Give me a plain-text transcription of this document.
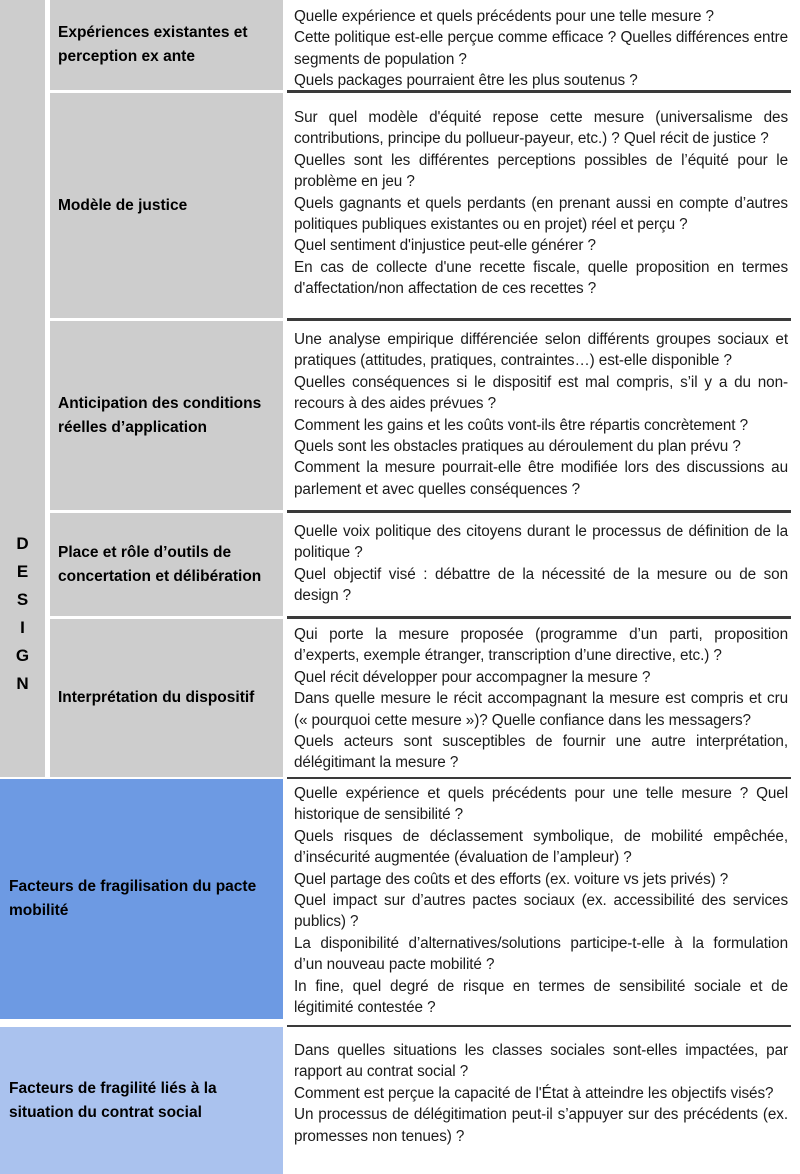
D
E
S
I
G
N
Expériences existantes et perception ex ante

Quelle expérience et quels précédents pour une telle mesure ?

Cette politique est-elle perçue comme efficace ? Quelles différences entre segments de population ?

Quels packages pourraient être les plus soutenus ?

Modèle de justice

Sur quel modèle d'équité repose cette mesure (universalisme des contributions, principe du pollueur-payeur, etc.) ? Quel récit de justice ?

Quelles sont les différentes perceptions possibles de l’équité pour le problème en jeu ?

Quels gagnants et quels perdants (en prenant aussi en compte d’autres politiques publiques existantes ou en projet) réel et perçu ?

Quel sentiment d'injustice peut-elle générer ?

En cas de collecte d'une recette fiscale, quelle proposition en termes d'affectation/non affectation de ces recettes ?

Anticipation des conditions réelles d’application

Une analyse empirique différenciée selon différents groupes sociaux et pratiques (attitudes, pratiques, contraintes…) est-elle disponible ?

Quelles conséquences si le dispositif est mal compris, s’il y a du non-recours à des aides prévues ?

Comment les gains et les coûts vont-ils être répartis concrètement ?

Quels sont les obstacles pratiques au déroulement du plan prévu ?

Comment la mesure pourrait-elle être modifiée lors des discussions au parlement et avec quelles conséquences ?

Place et rôle d’outils de concertation et délibération

Quelle voix politique des citoyens durant le processus de définition de la politique ?

Quel objectif visé : débattre de la nécessité de la mesure ou de son design ?

Interprétation du dispositif

Qui porte la mesure proposée (programme d’un parti, proposition d’experts, exemple étranger, transcription d’une directive, etc.) ?

Quel récit développer pour accompagner la mesure ?

Dans quelle mesure le récit accompagnant la mesure est compris et cru (« pourquoi cette mesure »)? Quelle confiance dans les messagers?

Quels acteurs sont susceptibles de fournir une autre interprétation, délégitimant la mesure ?

Facteurs de fragilisation du pacte mobilité

Quelle expérience et quels précédents pour une telle mesure ? Quel historique de sensibilité ?

Quels risques de déclassement symbolique, de mobilité empêchée, d’insécurité augmentée (évaluation de l’ampleur) ?

Quel partage des coûts et des efforts (ex. voiture vs jets privés) ?

Quel impact sur d’autres pactes sociaux (ex. accessibilité des services publics) ?

La disponibilité d’alternatives/solutions participe-t-elle à la formulation d’un nouveau pacte mobilité ?

In fine, quel degré de risque en termes de sensibilité sociale et de légitimité contestée ?

Facteurs de fragilité liés à la situation du contrat social

Dans quelles situations les classes sociales sont-elles impactées, par rapport au contrat social ?

Comment est perçue la capacité de l'État à atteindre les objectifs visés?

Un processus de délégitimation peut-il s’appuyer sur des précédents (ex. promesses non tenues) ?
